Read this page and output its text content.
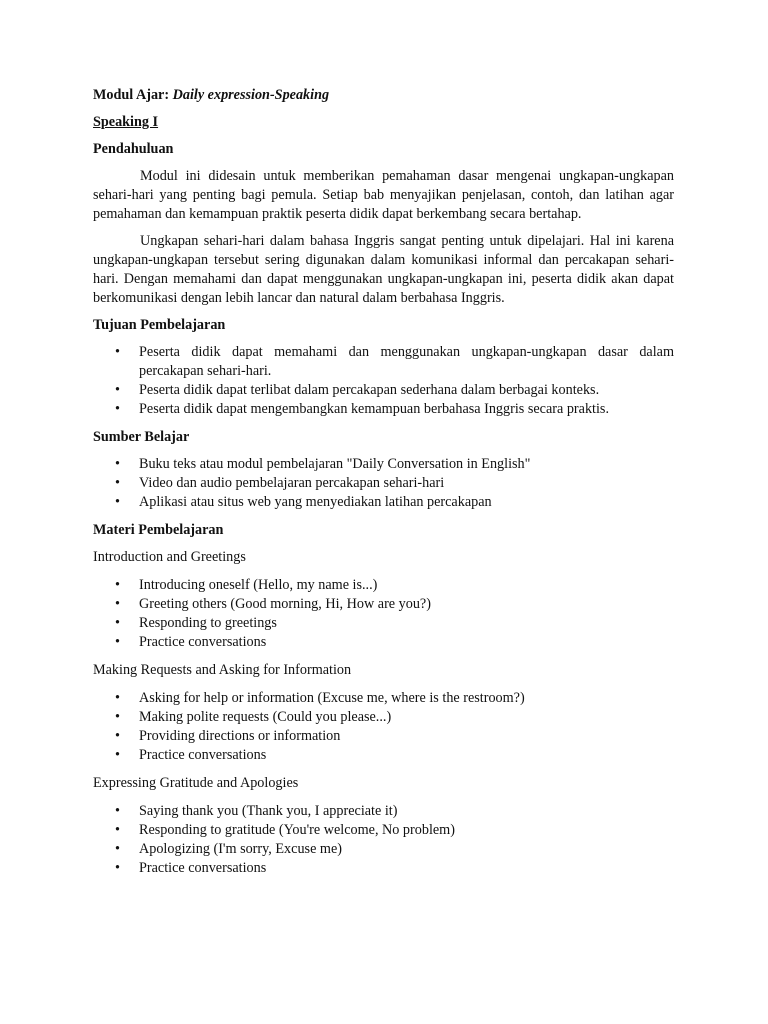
Modul Ajar: Daily expression-Speaking

Speaking I

Pendahuluan

Modul ini didesain untuk memberikan pemahaman dasar mengenai ungkapan-ungkapan sehari-hari yang penting bagi pemula. Setiap bab menyajikan penjelasan, contoh, dan latihan agar pemahaman dan kemampuan praktik peserta didik dapat berkembang secara bertahap.

Ungkapan sehari-hari dalam bahasa Inggris sangat penting untuk dipelajari. Hal ini karena ungkapan-ungkapan tersebut sering digunakan dalam komunikasi informal dan percakapan sehari-hari. Dengan memahami dan dapat menggunakan ungkapan-ungkapan ini, peserta didik akan dapat berkomunikasi dengan lebih lancar dan natural dalam berbahasa Inggris.

Tujuan Pembelajaran

• Peserta didik dapat memahami dan menggunakan ungkapan-ungkapan dasar dalam percakapan sehari-hari.
• Peserta didik dapat terlibat dalam percakapan sederhana dalam berbagai konteks.
• Peserta didik dapat mengembangkan kemampuan berbahasa Inggris secara praktis.

Sumber Belajar

• Buku teks atau modul pembelajaran "Daily Conversation in English"
• Video dan audio pembelajaran percakapan sehari-hari
• Aplikasi atau situs web yang menyediakan latihan percakapan

Materi Pembelajaran

Introduction and Greetings

• Introducing oneself (Hello, my name is...)
• Greeting others (Good morning, Hi, How are you?)
• Responding to greetings
• Practice conversations

Making Requests and Asking for Information

• Asking for help or information (Excuse me, where is the restroom?)
• Making polite requests (Could you please...)
• Providing directions or information
• Practice conversations

Expressing Gratitude and Apologies

• Saying thank you (Thank you, I appreciate it)
• Responding to gratitude (You're welcome, No problem)
• Apologizing (I'm sorry, Excuse me)
• Practice conversations
